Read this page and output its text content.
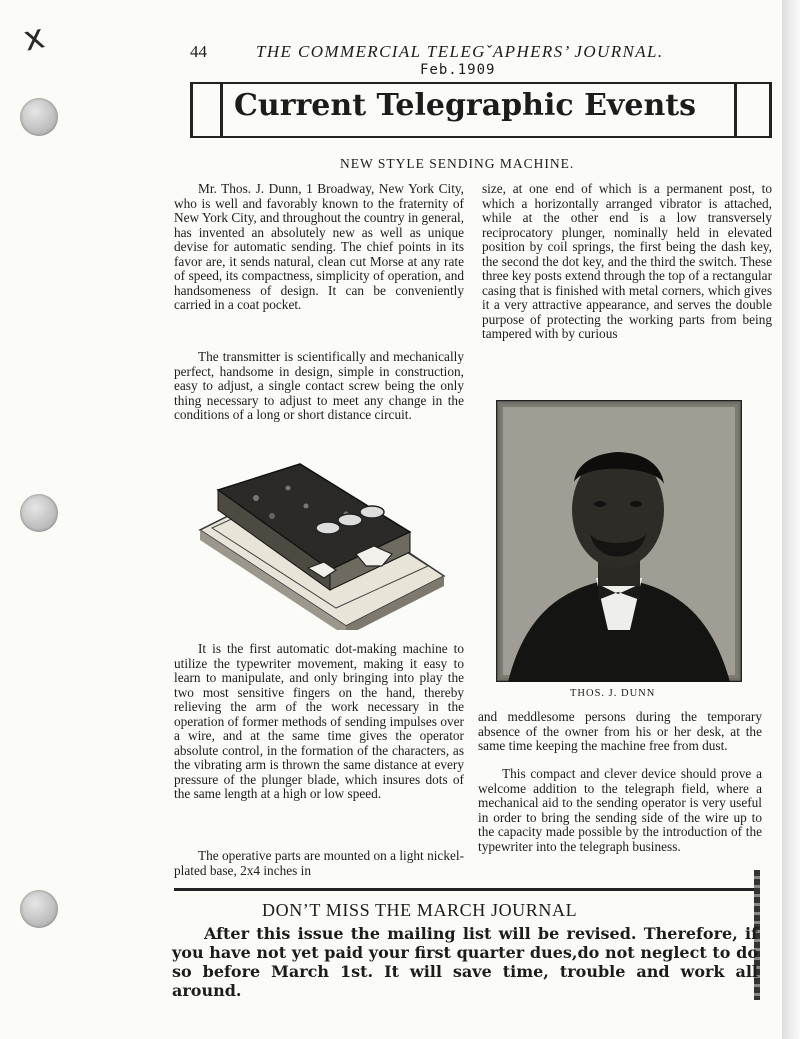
x	44	THE COMMERCIAL TELEGˇAPHERS’ JOURNAL.
Feb.1909
Current Telegraphic Events
NEW STYLE SENDING MACHINE.

Mr. Thos. J. Dunn, 1 Broadway, New York City, who is well and favorably known to the fraternity of New York City, and throughout the country in general, has invented an absolutely new as well as unique devise for automatic sending. The chief points in its favor are, it sends natural, clean cut Morse at any rate of speed, its compactness, simplicity of operation, and handsomeness of design. It can be conveniently carried in a coat pocket.

The transmitter is scientifically and mechanically perfect, handsome in design, simple in construction, easy to adjust, a single contact screw being the only thing necessary to adjust to meet any change in the conditions of a long or short distance circuit.

It is the first automatic dot-making machine to utilize the typewriter movement, making it easy to learn to manipulate, and only bringing into play the two most sensitive fingers on the hand, thereby relieving the arm of the work necessary in the operation of former methods of sending impulses over a wire, and at the same time gives the operator absolute control, in the formation of the characters, as the vibrating arm is thrown the same distance at every pressure of the plunger blade, which insures dots of the same length at a high or low speed.

The operative parts are mounted on a light nickel-plated base, 2x4 inches in

size, at one end of which is a permanent post, to which a horizontally arranged vibrator is attached, while at the other end is a low transversely reciprocatory plunger, nominally held in elevated position by coil springs, the first being the dash key, the second the dot key, and the third the switch. These three key posts extend through the top of a rectangular casing that is finished with metal corners, which gives it a very attractive appearance, and serves the double purpose of protecting the working parts from being tampered with by curious

THOS. J. DUNN

and meddlesome persons during the temporary absence of the owner from his or her desk, at the same time keeping the machine free from dust.

This compact and clever device should prove a welcome addition to the telegraph field, where a mechanical aid to the sending operator is very useful in order to bring the sending side of the wire up to the capacity made possible by the introduction of the typewriter into the telegraph business.

DON’T MISS THE MARCH JOURNAL

After this issue the mailing list will be revised. Therefore, if you have not yet paid your first quarter dues,do not neglect to do so before March 1st. It will save time, trouble and work all around.
